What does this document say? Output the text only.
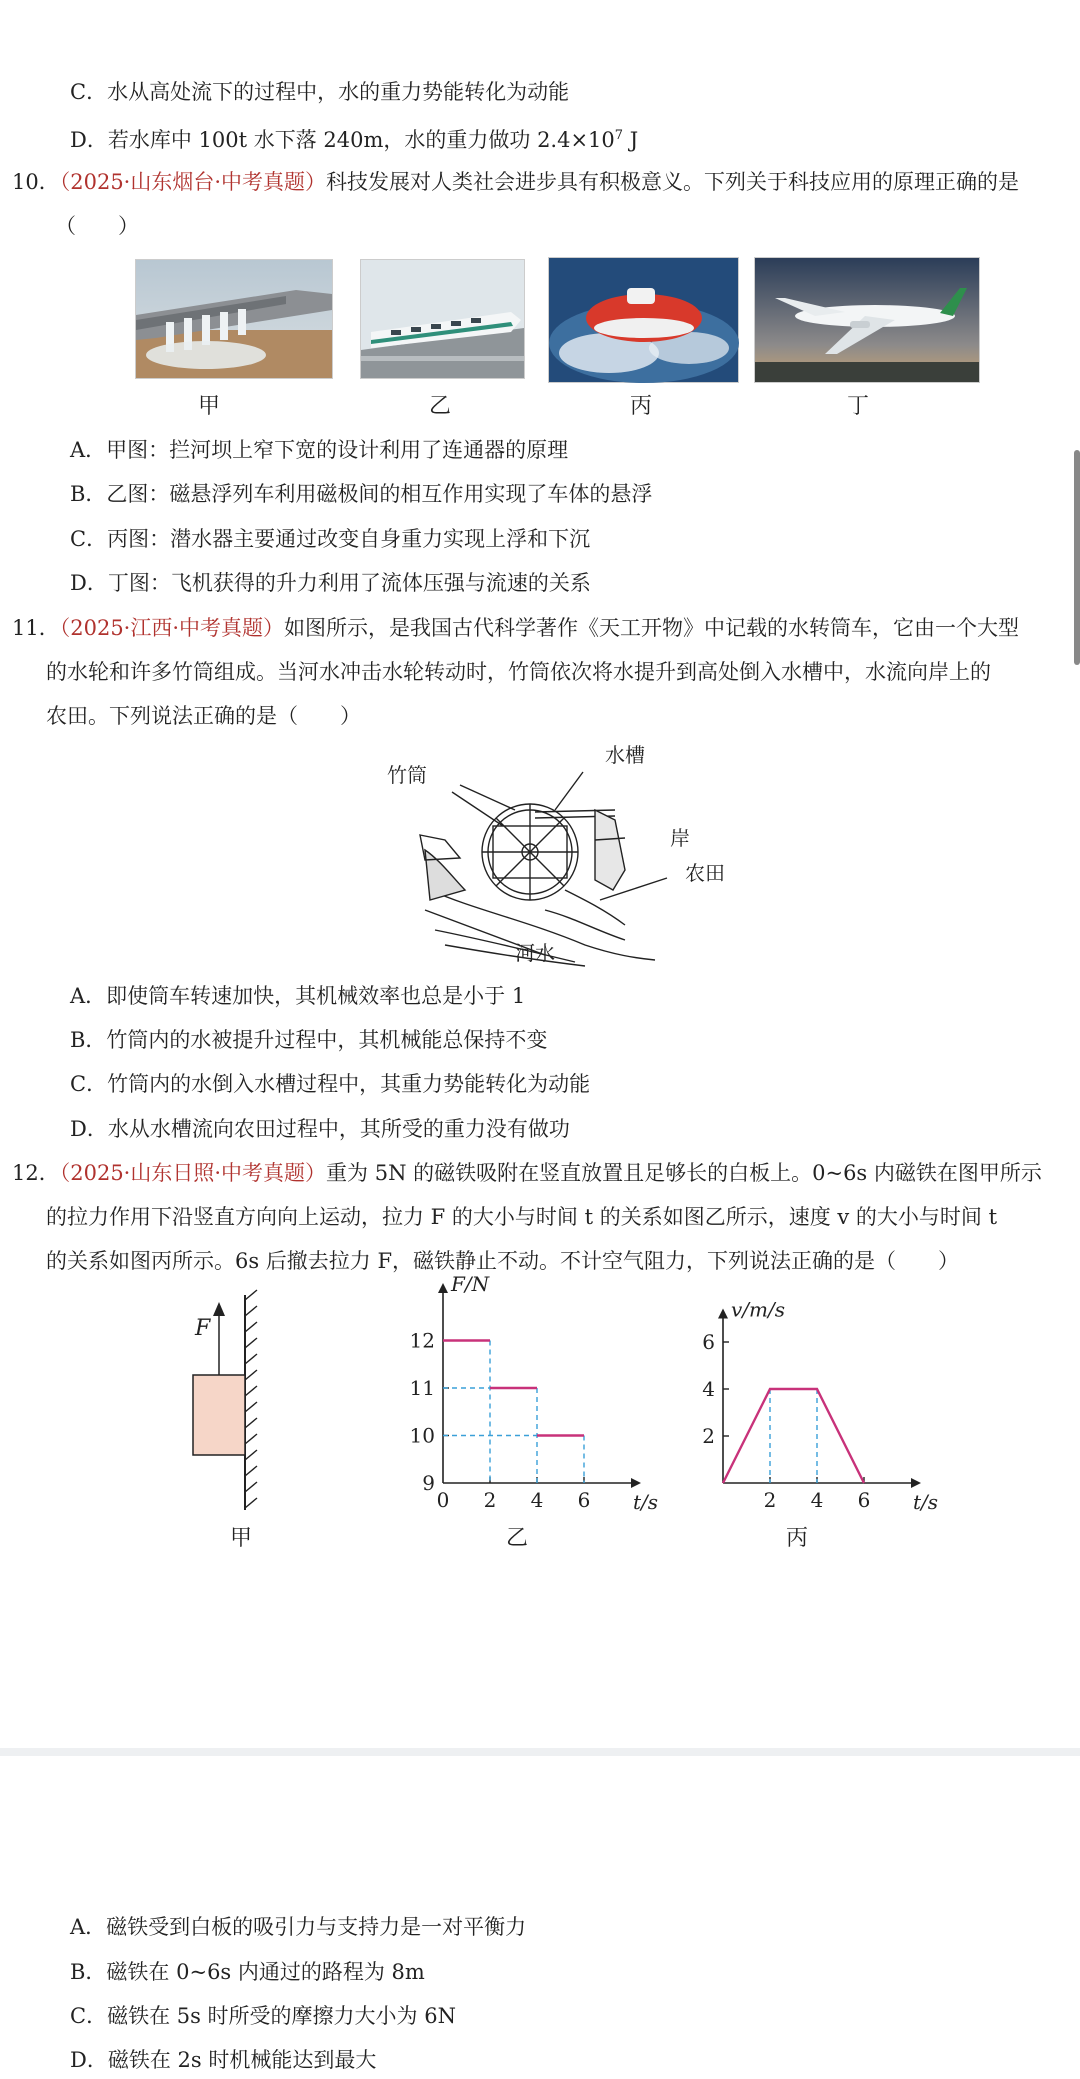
C．水从高处流下的过程中，水的重力势能转化为动能
D．若水库中 100t 水下落 240m，水的重力做功 $2.4\times 10^7$ J
10．（2025·山东烟台·中考真题）科技发展对人类社会进步具有积极意义。下列关于科技应用的原理正确的是
（　　）
甲	乙	丙	丁
A．甲图：拦河坝上窄下宽的设计利用了连通器的原理
B．乙图：磁悬浮列车利用磁极间的相互作用实现了车体的悬浮
C．丙图：潜水器主要通过改变自身重力实现上浮和下沉
D．丁图：飞机获得的升力利用了流体压强与流速的关系
11．（2025·江西·中考真题）如图所示，是我国古代科学著作《天工开物》中记载的水转筒车，它由一个大型
的水轮和许多竹筒组成。当河水冲击水轮转动时，竹筒依次将水提升到高处倒入水槽中，水流向岸上的
农田。下列说法正确的是（　　）
竹筒
水槽
岸
农田
河水
A．即使筒车转速加快，其机械效率也总是小于 1
B．竹筒内的水被提升过程中，其机械能总保持不变
C．竹筒内的水倒入水槽过程中，其重力势能转化为动能
D．水从水槽流向农田过程中，其所受的重力没有做功
12．（2025·山东日照·中考真题）重为 5N 的磁铁吸附在竖直放置且足够长的白板上。0~6s 内磁铁在图甲所示
的拉力作用下沿竖直方向向上运动，拉力 F 的大小与时间 t 的关系如图乙所示，速度 v 的大小与时间 t
的关系如图丙所示。6s 后撤去拉力 F，磁铁静止不动。不计空气阻力，下列说法正确的是（　　）
F
甲
F/N
t/s
9
10
11
12
0 2 4 6
乙
v/m/s
t/s
2
4
6
2 4 6
丙
A．磁铁受到白板的吸引力与支持力是一对平衡力
B．磁铁在 0~6s 内通过的路程为 8m
C．磁铁在 5s 时所受的摩擦力大小为 6N
D．磁铁在 2s 时机械能达到最大
